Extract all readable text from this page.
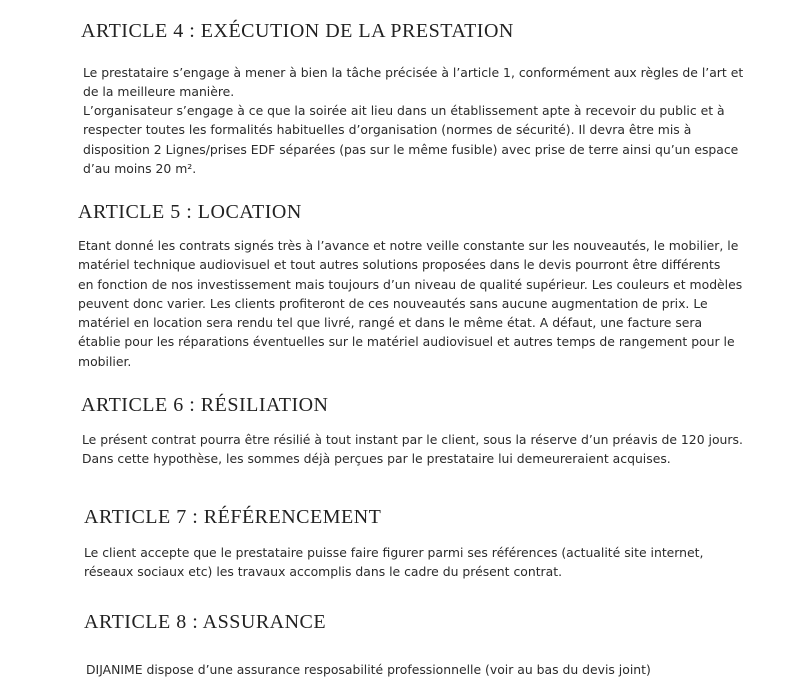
ARTICLE 4 : EXÉCUTION DE LA PRESTATION

Le prestataire s’engage à mener à bien la tâche précisée à l’article 1, conformément aux règles de l’art et
de la meilleure manière.

L’organisateur s’engage à ce que la soirée ait lieu dans un établissement apte à recevoir du public et à
respecter toutes les formalités habituelles d’organisation (normes de sécurité). Il devra être mis à
disposition 2 Lignes/prises EDF séparées (pas sur le même fusible) avec prise de terre ainsi qu’un espace
d’au moins 20 m².

ARTICLE 5 : LOCATION

Etant donné les contrats signés très à l’avance et notre veille constante sur les nouveautés, le mobilier, le
matériel technique audiovisuel et tout autres solutions proposées dans le devis pourront être différents
en fonction de nos investissement mais toujours d’un niveau de qualité supérieur. Les couleurs et modèles
peuvent donc varier. Les clients profiteront de ces nouveautés sans aucune augmentation de prix. Le
matériel en location sera rendu tel que livré, rangé et dans le même état. A défaut, une facture sera
établie pour les réparations éventuelles sur le matériel audiovisuel et autres temps de rangement pour le
mobilier.

ARTICLE 6 : RÉSILIATION

Le présent contrat pourra être résilié à tout instant par le client, sous la réserve d’un préavis de 120 jours.
Dans cette hypothèse, les sommes déjà perçues par le prestataire lui demeureraient acquises.

ARTICLE 7 : RÉFÉRENCEMENT

Le client accepte que le prestataire puisse faire figurer parmi ses références (actualité site internet,
réseaux sociaux etc) les travaux accomplis dans le cadre du présent contrat.

ARTICLE 8 : ASSURANCE

DIJANIME dispose d’une assurance resposabilité professionnelle (voir au bas du devis joint)
